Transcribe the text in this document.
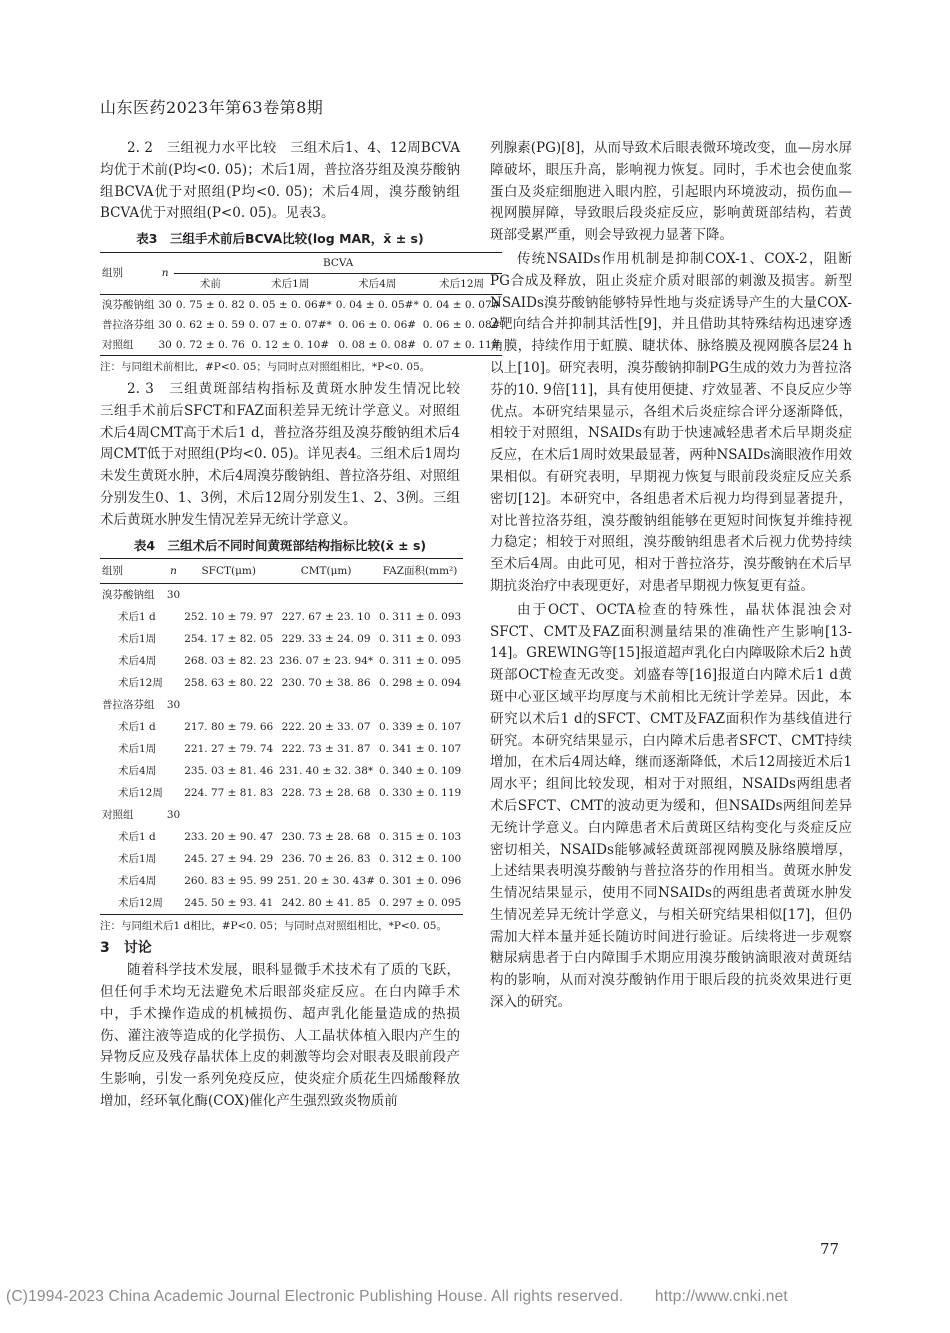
山东医药2023年第63卷第8期

2. 2　三组视力水平比较　三组术后1、4、12周BCVA均优于术前(P均<0. 05)；术后1周，普拉洛芬组及溴芬酸钠组BCVA优于对照组(P均<0. 05)；术后4周，溴芬酸钠组BCVA优于对照组(P<0. 05)。见表3。

表3　三组手术前后BCVA比较(log MAR，x̄ ± s)
组别	n	BCVA			
		术前	术后1周	术后4周	术后12周
溴芬酸钠组	30	0. 75 ± 0. 82	0. 05 ± 0. 06#*	0. 04 ± 0. 05#*	0. 04 ± 0. 07#
普拉洛芬组	30	0. 62 ± 0. 59	0. 07 ± 0. 07#*	0. 06 ± 0. 06#	0. 06 ± 0. 08#
对照组	30	0. 72 ± 0. 76	0. 12 ± 0. 10#	0. 08 ± 0. 08#	0. 07 ± 0. 11#
注：与同组术前相比，#P<0. 05；与同时点对照组相比，*P<0. 05。

2. 3　三组黄斑部结构指标及黄斑水肿发生情况比较　三组手术前后SFCT和FAZ面积差异无统计学意义。对照组术后4周CMT高于术后1 d，普拉洛芬组及溴芬酸钠组术后4周CMT低于对照组(P均<0. 05)。详见表4。三组术后1周均未发生黄斑水肿，术后4周溴芬酸钠组、普拉洛芬组、对照组分别发生0、1、3例，术后12周分别发生1、2、3例。三组术后黄斑水肿发生情况差异无统计学意义。

表4　三组术后不同时间黄斑部结构指标比较(x̄ ± s)
组别	n	SFCT(μm)	CMT(μm)	FAZ面积(mm²)
溴芬酸钠组	30			
术后1 d		252. 10 ± 79. 97	227. 67 ± 23. 10	0. 311 ± 0. 093
术后1周		254. 17 ± 82. 05	229. 33 ± 24. 09	0. 311 ± 0. 093
术后4周		268. 03 ± 82. 23	236. 07 ± 23. 94*	0. 311 ± 0. 095
术后12周		258. 63 ± 80. 22	230. 70 ± 38. 86	0. 298 ± 0. 094
普拉洛芬组	30			
术后1 d		217. 80 ± 79. 66	222. 20 ± 33. 07	0. 339 ± 0. 107
术后1周		221. 27 ± 79. 74	222. 73 ± 31. 87	0. 341 ± 0. 107
术后4周		235. 03 ± 81. 46	231. 40 ± 32. 38*	0. 340 ± 0. 109
术后12周		224. 77 ± 81. 83	228. 73 ± 28. 68	0. 330 ± 0. 119
对照组	30			
术后1 d		233. 20 ± 90. 47	230. 73 ± 28. 68	0. 315 ± 0. 103
术后1周		245. 27 ± 94. 29	236. 70 ± 26. 83	0. 312 ± 0. 100
术后4周		260. 83 ± 95. 99	251. 20 ± 30. 43#	0. 301 ± 0. 096
术后12周		245. 50 ± 93. 41	242. 80 ± 41. 85	0. 297 ± 0. 095
注：与同组术后1 d相比，#P<0. 05；与同时点对照组相比，*P<0. 05。

3　讨论

随着科学技术发展，眼科显微手术技术有了质的飞跃，但任何手术均无法避免术后眼部炎症反应。在白内障手术中，手术操作造成的机械损伤、超声乳化能量造成的热损伤、灌注液等造成的化学损伤、人工晶状体植入眼内产生的异物反应及残存晶状体上皮的刺激等均会对眼表及眼前段产生影响，引发一系列免疫反应，使炎症介质花生四烯酸释放增加，经环氧化酶(COX)催化产生强烈致炎物质前

列腺素(PG)[8]，从而导致术后眼表微环境改变，血—房水屏障破坏，眼压升高，影响视力恢复。同时，手术也会使血浆蛋白及炎症细胞进入眼内腔，引起眼内环境波动，损伤血—视网膜屏障，导致眼后段炎症反应，影响黄斑部结构，若黄斑部受累严重，则会导致视力显著下降。

传统NSAIDs作用机制是抑制COX-1、COX-2，阻断PG合成及释放，阻止炎症介质对眼部的刺激及损害。新型NSAIDs溴芬酸钠能够特异性地与炎症诱导产生的大量COX-2靶向结合并抑制其活性[9]，并且借助其特殊结构迅速穿透角膜，持续作用于虹膜、睫状体、脉络膜及视网膜各层24 h以上[10]。研究表明，溴芬酸钠抑制PG生成的效力为普拉洛芬的10. 9倍[11]，具有使用便捷、疗效显著、不良反应少等优点。本研究结果显示，各组术后炎症综合评分逐渐降低，相较于对照组，NSAIDs有助于快速减轻患者术后早期炎症反应，在术后1周时效果最显著，两种NSAIDs滴眼液作用效果相似。有研究表明，早期视力恢复与眼前段炎症反应关系密切[12]。本研究中，各组患者术后视力均得到显著提升，对比普拉洛芬组，溴芬酸钠组能够在更短时间恢复并维持视力稳定；相较于对照组，溴芬酸钠组患者术后视力优势持续至术后4周。由此可见，相对于普拉洛芬，溴芬酸钠在术后早期抗炎治疗中表现更好，对患者早期视力恢复更有益。

由于OCT、OCTA检查的特殊性，晶状体混浊会对SFCT、CMT及FAZ面积测量结果的准确性产生影响[13-14]。GREWING等[15]报道超声乳化白内障吸除术后2 h黄斑部OCT检查无改变。刘盛春等[16]报道白内障术后1 d黄斑中心亚区域平均厚度与术前相比无统计学差异。因此，本研究以术后1 d的SFCT、CMT及FAZ面积作为基线值进行研究。本研究结果显示，白内障术后患者SFCT、CMT持续增加，在术后4周达峰，继而逐渐降低，术后12周接近术后1周水平；组间比较发现，相对于对照组，NSAIDs两组患者术后SFCT、CMT的波动更为缓和，但NSAIDs两组间差异无统计学意义。白内障患者术后黄斑区结构变化与炎症反应密切相关，NSAIDs能够减轻黄斑部视网膜及脉络膜增厚，上述结果表明溴芬酸钠与普拉洛芬的作用相当。黄斑水肿发生情况结果显示，使用不同NSAIDs的两组患者黄斑水肿发生情况差异无统计学意义，与相关研究结果相似[17]，但仍需加大样本量并延长随访时间进行验证。后续将进一步观察糖尿病患者于白内障围手术期应用溴芬酸钠滴眼液对黄斑结构的影响，从而对溴芬酸钠作用于眼后段的抗炎效果进行更深入的研究。

77
(C)1994-2023 China Academic Journal Electronic Publishing House. All rights reserved.　　http://www.cnki.net
